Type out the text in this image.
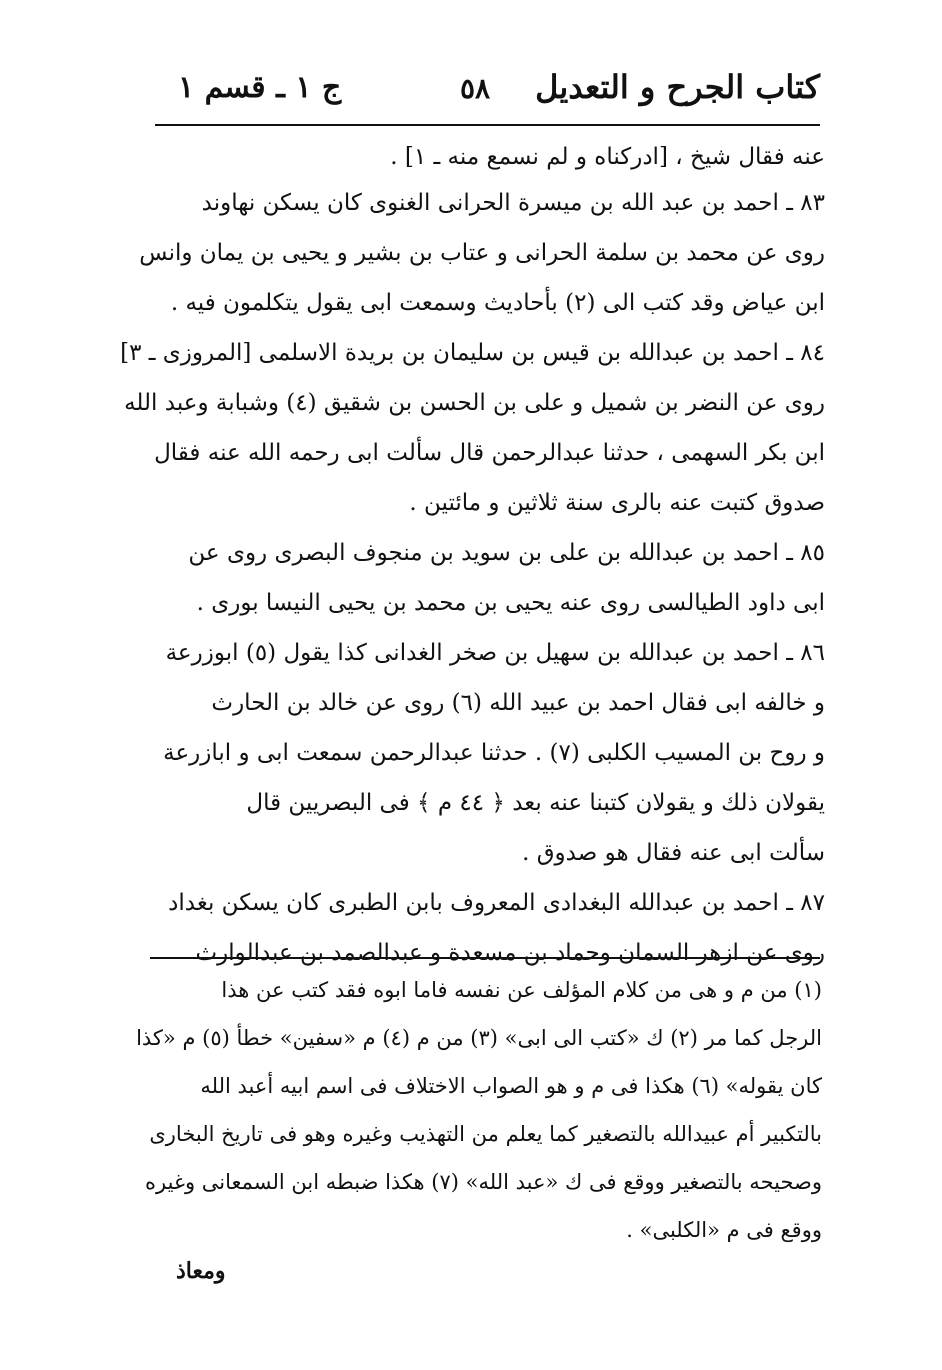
كتاب الجرح و التعديل
٥٨
ج ١ ـ قسم ١
عنه فقال شيخ ، [ادركناه و لم نسمع منه ـ ١] .
٨٣ ـ احمد بن عبد الله بن ميسرة الحرانى الغنوى كان يسكن نهاوند
روى عن محمد بن سلمة الحرانى و عتاب بن بشير و يحيى بن يمان وانس
ابن عياض وقد كتب الى (٢) بأحاديث وسمعت ابى يقول يتكلمون فيه .
٨٤ ـ احمد بن عبدالله بن قيس بن سليمان بن بريدة الاسلمى [المروزى ـ ٣]
روى عن النضر بن شميل و على بن الحسن بن شقيق (٤) وشبابة وعبد الله
ابن بكر السهمى ، حدثنا عبدالرحمن قال سألت ابى رحمه الله عنه فقال
صدوق كتبت عنه بالرى سنة ثلاثين و مائتين .
٨٥ ـ احمد بن عبدالله بن على بن سويد بن منجوف البصرى روى عن
ابى داود الطيالسى روى عنه يحيى بن محمد بن يحيى النيسا بورى .
٨٦ ـ احمد بن عبدالله بن سهيل بن صخر الغدانى كذا يقول (٥) ابوزرعة
و خالفه ابى فقال احمد بن عبيد الله (٦) روى عن خالد بن الحارث
و روح بن المسيب الكلبى (٧) . حدثنا عبدالرحمن سمعت ابى و ابازرعة
يقولان ذلك و يقولان كتبنا عنه بعد ﴿ ٤٤ م ﴾ فى البصريين قال
سألت ابى عنه فقال هو صدوق .
٨٧ ـ احمد بن عبدالله البغدادى المعروف بابن الطبرى كان يسكن بغداد
روى عن ازهر السمان وحماد بن مسعدة و عبدالصمد بن عبدالوارث
(١) من م و هى من كلام المؤلف عن نفسه فاما ابوه فقد كتب عن هذا
الرجل كما مر (٢) ك «كتب الى ابى» (٣) من م (٤) م «سفين» خطأ (٥) م «كذا
كان يقوله» (٦) هكذا فى م و هو الصواب الاختلاف فى اسم ابيه أعبد الله
بالتكبير أم عبيدالله بالتصغير كما يعلم من التهذيب وغيره وهو فى تاريخ البخارى
وصحيحه بالتصغير ووقع فى ك «عبد الله» (٧) هكذا ضبطه ابن السمعانى وغيره
ووقع فى م «الكلبى» .
ومعاذ
